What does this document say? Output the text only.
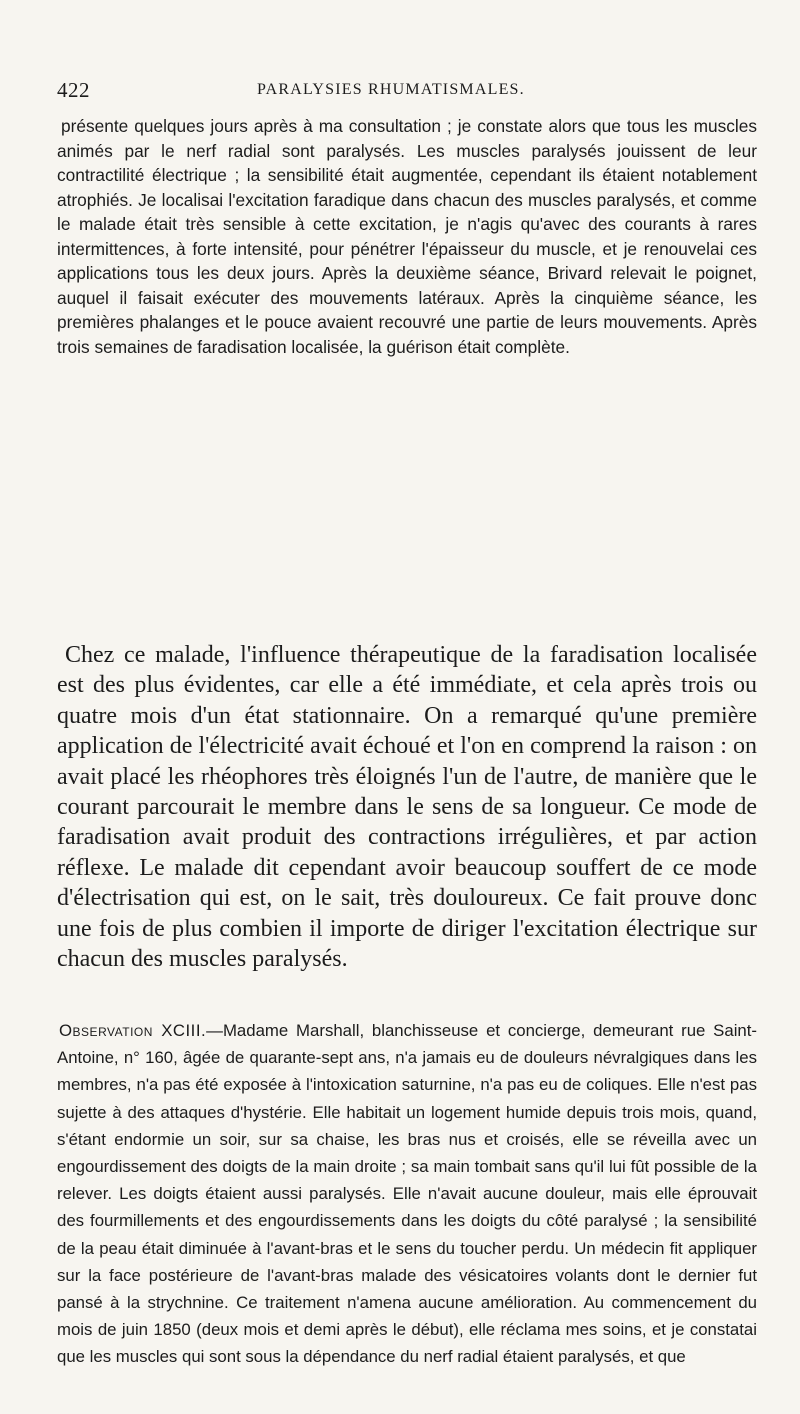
422	PARALYSIES RHUMATISMALES.

présente quelques jours après à ma consultation ; je constate alors que tous les muscles animés par le nerf radial sont paralysés. Les muscles paralysés jouissent de leur contractilité électrique ; la sensibilité était augmentée, cependant ils étaient notablement atrophiés. Je localisai l'excitation faradique dans chacun des muscles paralysés, et comme le malade était très sensible à cette excitation, je n'agis qu'avec des courants à rares intermittences, à forte intensité, pour pénétrer l'épaisseur du muscle, et je renouvelai ces applications tous les deux jours. Après la deuxième séance, Brivard relevait le poignet, auquel il faisait exécuter des mouvements latéraux. Après la cinquième séance, les premières phalanges et le pouce avaient recouvré une partie de leurs mouvements. Après trois semaines de faradisation localisée, la guérison était complète.

Chez ce malade, l'influence thérapeutique de la faradisation localisée est des plus évidentes, car elle a été immédiate, et cela après trois ou quatre mois d'un état stationnaire. On a remarqué qu'une première application de l'électricité avait échoué et l'on en comprend la raison : on avait placé les rhéophores très éloignés l'un de l'autre, de manière que le courant parcourait le membre dans le sens de sa longueur. Ce mode de faradisation avait produit des contractions irrégulières, et par action réflexe. Le malade dit cependant avoir beaucoup souffert de ce mode d'électrisation qui est, on le sait, très douloureux. Ce fait prouve donc une fois de plus combien il importe de diriger l'excitation électrique sur chacun des muscles paralysés.

Observation XCIII.—Madame Marshall, blanchisseuse et concierge, demeurant rue Saint-Antoine, n° 160, âgée de quarante-sept ans, n'a jamais eu de douleurs névralgiques dans les membres, n'a pas été exposée à l'intoxication saturnine, n'a pas eu de coliques. Elle n'est pas sujette à des attaques d'hystérie. Elle habitait un logement humide depuis trois mois, quand, s'étant endormie un soir, sur sa chaise, les bras nus et croisés, elle se réveilla avec un engourdissement des doigts de la main droite ; sa main tombait sans qu'il lui fût possible de la relever. Les doigts étaient aussi paralysés. Elle n'avait aucune douleur, mais elle éprouvait des fourmillements et des engourdissements dans les doigts du côté paralysé ; la sensibilité de la peau était diminuée à l'avant-bras et le sens du toucher perdu. Un médecin fit appliquer sur la face postérieure de l'avant-bras malade des vésicatoires volants dont le dernier fut pansé à la strychnine. Ce traitement n'amena aucune amélioration. Au commencement du mois de juin 1850 (deux mois et demi après le début), elle réclama mes soins, et je constatai que les muscles qui sont sous la dépendance du nerf radial étaient paralysés, et que
